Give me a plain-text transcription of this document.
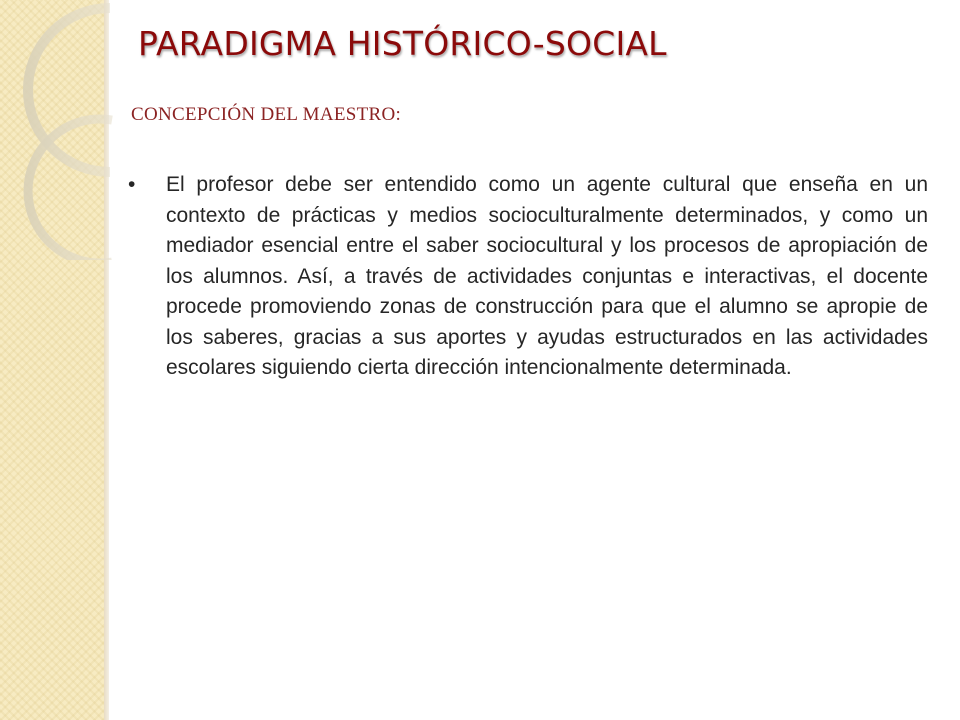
PARADIGMA HISTÓRICO-SOCIAL
CONCEPCIÓN DEL MAESTRO:
• El profesor debe ser entendido como un agente cultural que enseña en un contexto de prácticas y medios socioculturalmente determinados, y como un mediador esencial entre el saber sociocultural y los procesos de apropiación de los alumnos. Así, a través de actividades conjuntas e interactivas, el docente procede promoviendo zonas de construcción para que el alumno se apropie de los saberes, gracias a sus aportes y ayudas estructurados en las actividades escolares siguiendo cierta dirección intencionalmente determinada.
